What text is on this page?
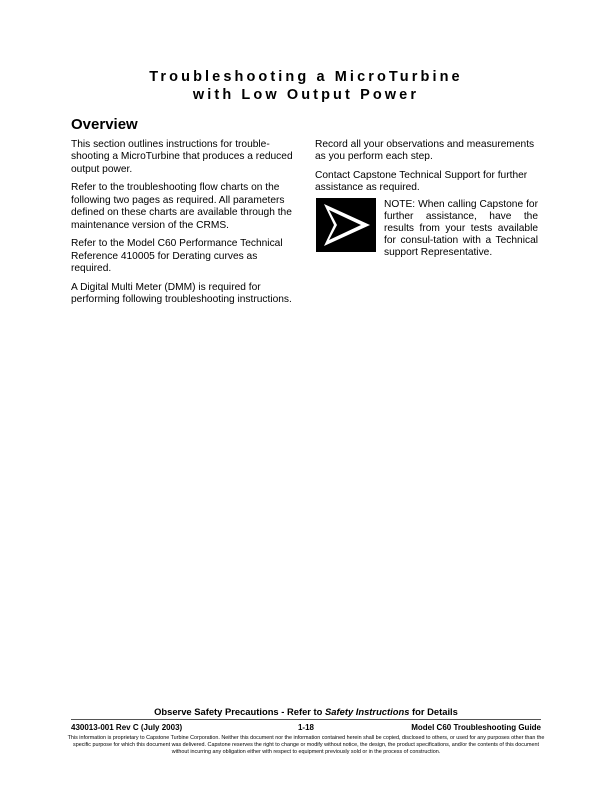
Troubleshooting a MicroTurbine
with Low Output Power
Overview

This section outlines instructions for trouble-shooting a MicroTurbine that produces a reduced output power.

Refer to the troubleshooting flow charts on the following two pages as required. All parameters defined on these charts are available through the maintenance version of the CRMS.

Refer to the Model C60 Performance Technical Reference 410005 for Derating curves as required.

A Digital Multi Meter (DMM) is required for performing following troubleshooting instructions.

Record all your observations and measurements as you perform each step.

Contact Capstone Technical Support for further assistance as required.

NOTE: When calling Capstone for further assistance, have the results from your tests available for consul-tation with a Technical support Representative.
Observe Safety Precautions - Refer to Safety Instructions for Details
430013-001 Rev C (July 2003)	1-18	Model C60 Troubleshooting Guide
This information is proprietary to Capstone Turbine Corporation. Neither this document nor the information contained herein shall be copied, disclosed to others, or used for any purposes other than the specific purpose for which this document was delivered. Capstone reserves the right to change or modify without notice, the design, the product specifications, and/or the contents of this document without incurring any obligation either with respect to equipment previously sold or in the process of construction.
